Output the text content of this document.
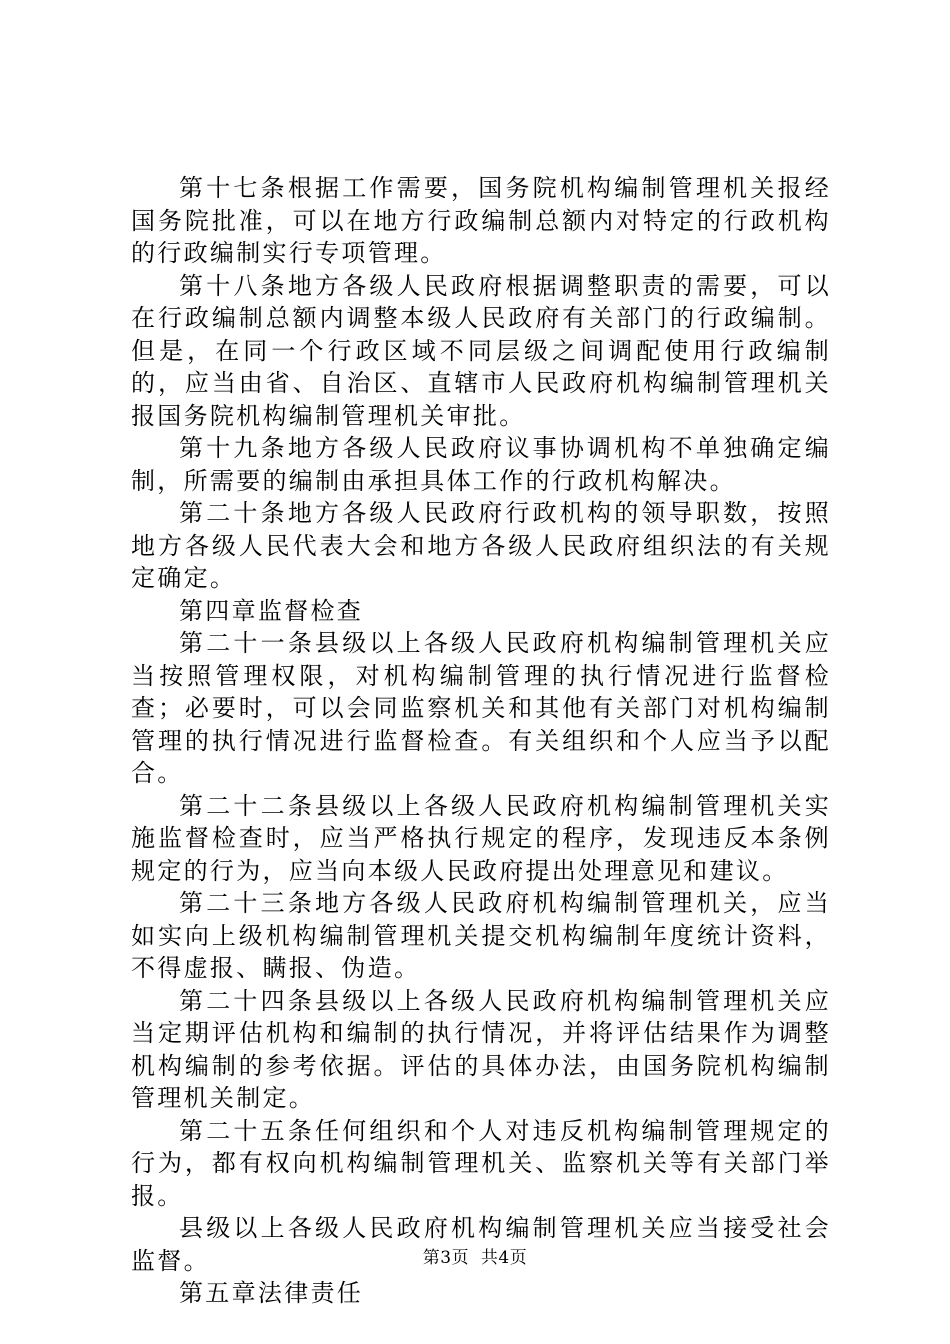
第十七条根据工作需要，国务院机构编制管理机关报经国务院批准，可以在地方行政编制总额内对特定的行政机构的行政编制实行专项管理。

第十八条地方各级人民政府根据调整职责的需要，可以在行政编制总额内调整本级人民政府有关部门的行政编制。但是，在同一个行政区域不同层级之间调配使用行政编制的，应当由省、自治区、直辖市人民政府机构编制管理机关报国务院机构编制管理机关审批。

第十九条地方各级人民政府议事协调机构不单独确定编制，所需要的编制由承担具体工作的行政机构解决。

第二十条地方各级人民政府行政机构的领导职数，按照地方各级人民代表大会和地方各级人民政府组织法的有关规定确定。

第四章监督检查

第二十一条县级以上各级人民政府机构编制管理机关应当按照管理权限，对机构编制管理的执行情况进行监督检查；必要时，可以会同监察机关和其他有关部门对机构编制管理的执行情况进行监督检查。有关组织和个人应当予以配合。

第二十二条县级以上各级人民政府机构编制管理机关实施监督检查时，应当严格执行规定的程序，发现违反本条例规定的行为，应当向本级人民政府提出处理意见和建议。

第二十三条地方各级人民政府机构编制管理机关，应当如实向上级机构编制管理机关提交机构编制年度统计资料，不得虚报、瞒报、伪造。

第二十四条县级以上各级人民政府机构编制管理机关应当定期评估机构和编制的执行情况，并将评估结果作为调整机构编制的参考依据。评估的具体办法，由国务院机构编制管理机关制定。

第二十五条任何组织和个人对违反机构编制管理规定的行为，都有权向机构编制管理机关、监察机关等有关部门举报。

县级以上各级人民政府机构编制管理机关应当接受社会监督。

第五章法律责任

第3页  共4页
